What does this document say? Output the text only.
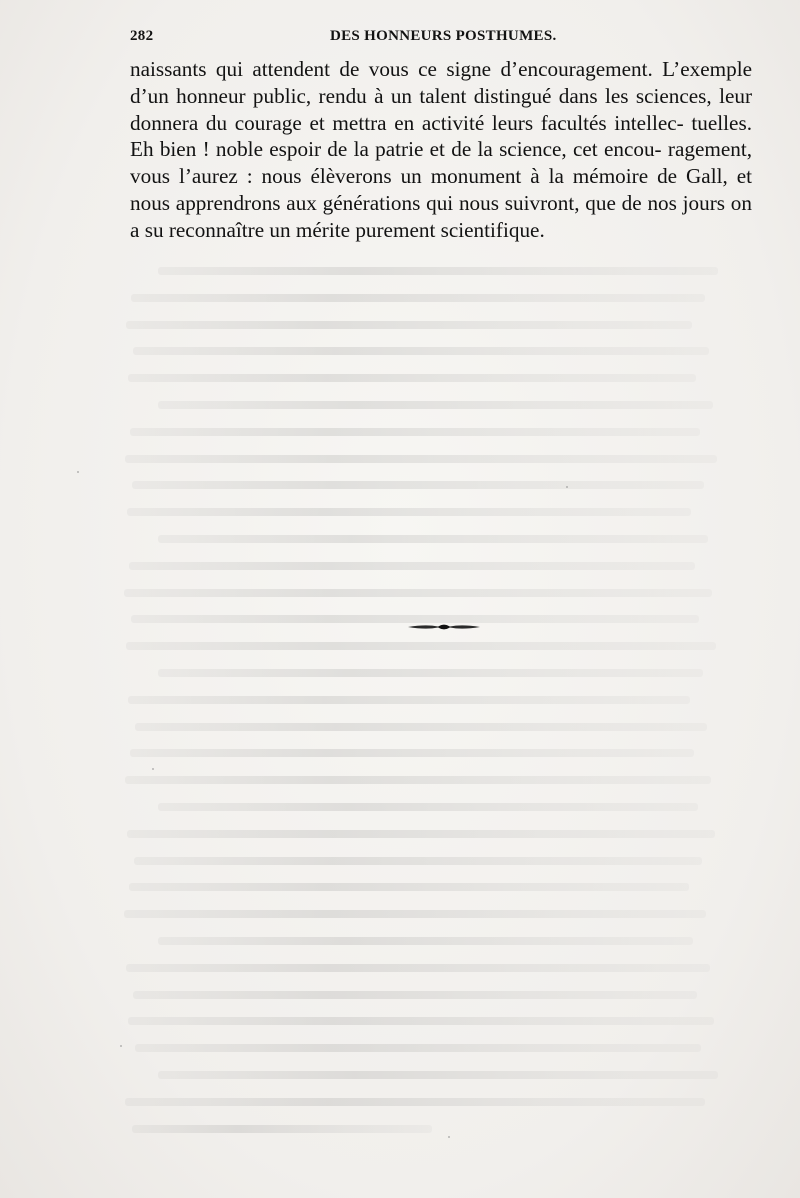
282	DES HONNEURS POSTHUMES.

naissants qui attendent de vous ce signe d’encouragement. L’exemple d’un honneur public, rendu à un talent distingué dans les sciences, leur donnera du courage et mettra en activité leurs facultés intellec- tuelles. Eh bien ! noble espoir de la patrie et de la science, cet encou- ragement, vous l’aurez : nous élèverons un monument à la mémoire de Gall, et nous apprendrons aux générations qui nous suivront, que de nos jours on a su reconnaître un mérite purement scientifique.
